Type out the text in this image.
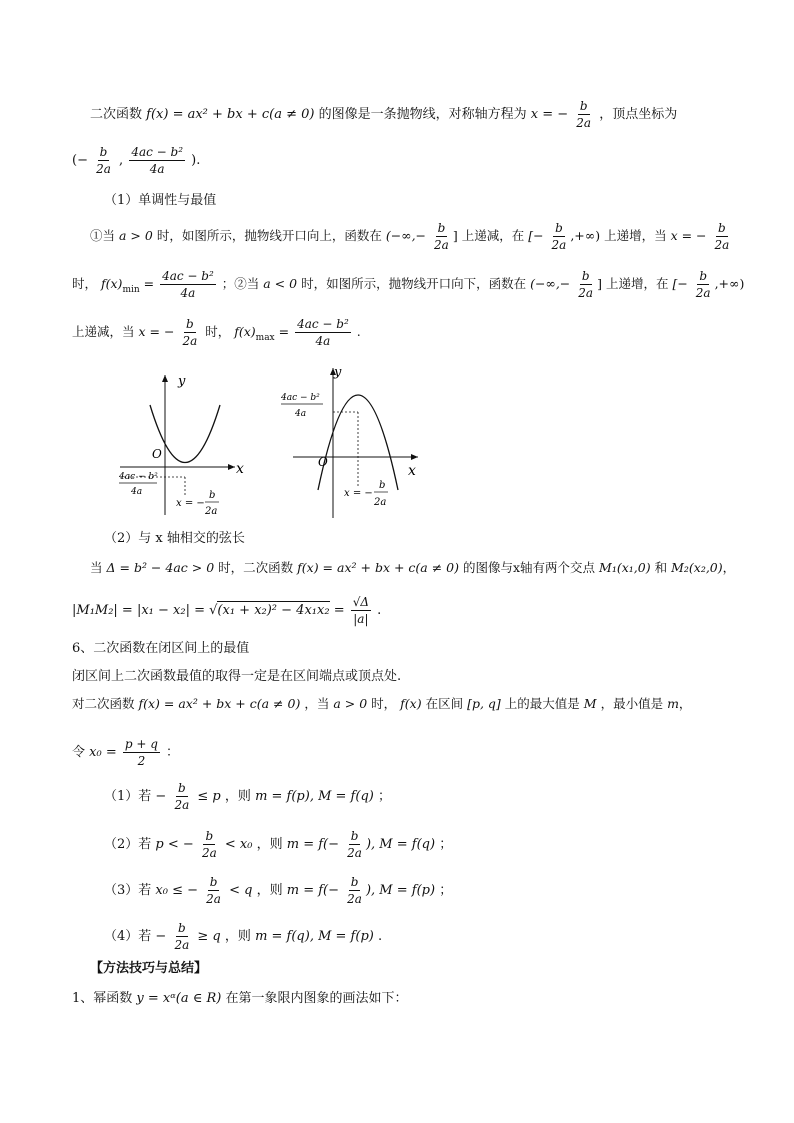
二次函数 f(x) = ax² + bx + c(a ≠ 0) 的图像是一条抛物线，对称轴方程为 x = − $\frac{b}{2a}$ ，顶点坐标为
(− $\frac{b}{2a}$ , $\frac{\text{4ac − b²}}{4a}$ ).
（1）单调性与最值
①当 a > 0 时，如图所示，抛物线开口向上，函数在 (−∞,− $\frac{b}{2a}$ ] 上递减，在 [− $\frac{b}{2a}$ ,+∞) 上递增，当 x = − $\frac{b}{2a}$
时， $f(x)_{min} = \frac{\text{4ac − b²}}{4a}$ ；②当 a < 0 时，如图所示，抛物线开口向下，函数在 (−∞,− $\frac{b}{2a}$ ] 上递增，在 [− $\frac{b}{2a}$ ,+∞)
上递减，当 x = − $\frac{b}{2a}$ 时， $f(x)_{max} = \frac{\text{4ac − b²}}{4a}$ .
y
x
O
4ac − b²
4a
x = −
b
2a
y
x
O
4ac − b²
4a
x = −
b
2a
（2）与 x 轴相交的弦长
当 Δ = b² − 4ac > 0 时，二次函数 f(x) = ax² + bx + c(a ≠ 0) 的图像与x轴有两个交点 M₁(x₁,0) 和 M₂(x₂,0)，
$|M_1M_2| = |x_1 - x_2| = √(x_1 + x_2)^2 - 4x_1x_2 = \frac{√\Delta}{|a|}$ .
6、二次函数在闭区间上的最值
闭区间上二次函数最值的取得一定是在区间端点或顶点处.
对二次函数 f(x) = ax² + bx + c(a ≠ 0) ，当 a > 0 时， f(x) 在区间 [p, q] 上的最大值是 M ，最小值是 m，
令 $x_0 = \frac{p + q}{2}$ ：
（1）若 − $\frac{b}{2a} \le p$ ，则 m = f(p), M = f(q) ；
（2）若 p < − $\frac{b}{2a} < x_0$ ，则 $m = f(- \frac{b}{2a}$ ), M = f(q) ；
（3）若 x₀ ≤ − $\frac{b}{2a} < q$ ，则 $m = f(- \frac{b}{2a}$ ), M = f(p) ；
（4）若 − $\frac{b}{2a} \ge q$ ，则 m = f(q), M = f(p) .
【方法技巧与总结】
1、幂函数 y = xᵅ(a ∈ R) 在第一象限内图象的画法如下：
